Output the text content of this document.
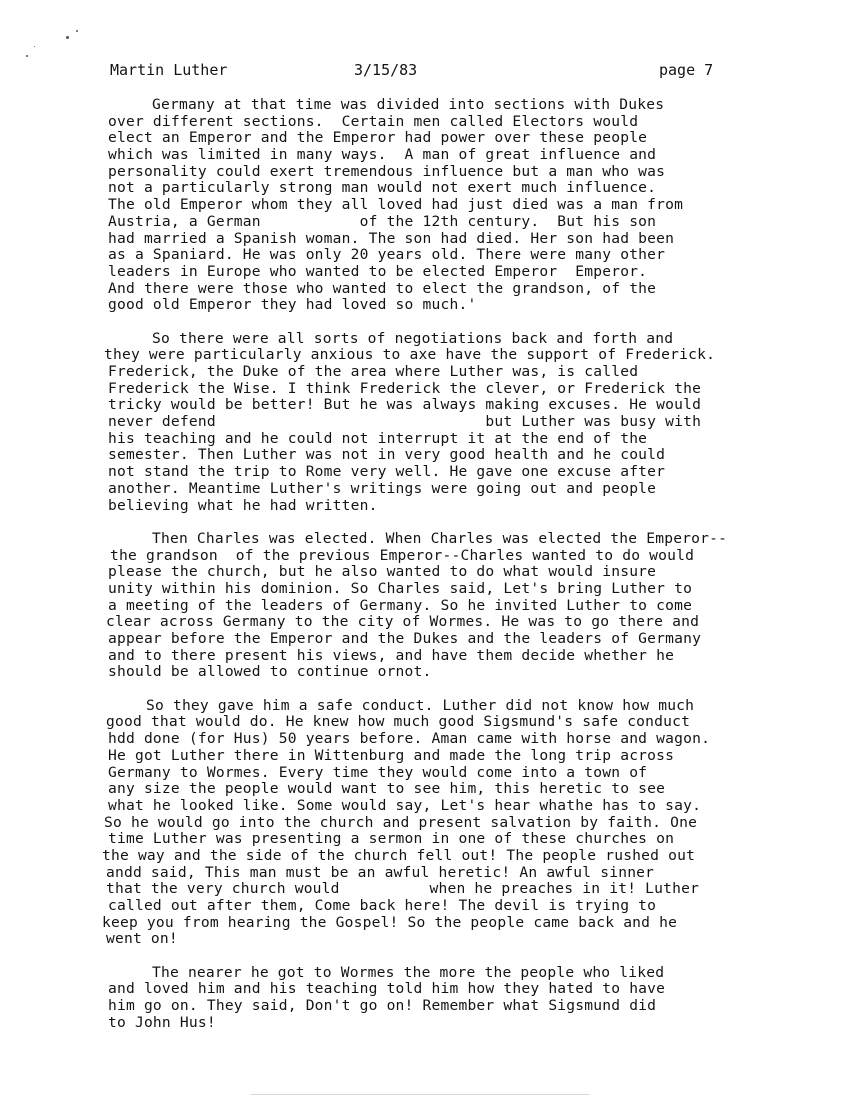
Martin Luther	3/15/83	page 7
Germany at that time was divided into sections with Dukes
over different sections.  Certain men called Electors would
elect an Emperor and the Emperor had power over these people
which was limited in many ways.  A man of great influence and
personality could exert tremendous influence but a man who was
not a particularly strong man would not exert much influence.
The old Emperor whom they all loved had just died was a man from
Austria, a German           of the 12th century.  But his son
had married a Spanish woman. The son had died. Her son had been
as a Spaniard. He was only 20 years old. There were many other
leaders in Europe who wanted to be elected Emperor  Emperor.
And there were those who wanted to elect the grandson, of the
good old Emperor they had loved so much.'
So there were all sorts of negotiations back and forth and
they were particularly anxious to axe have the support of Frederick.
Frederick, the Duke of the area where Luther was, is called
Frederick the Wise. I think Frederick the clever, or Frederick the
tricky would be better! But he was always making excuses. He would
never defend                              but Luther was busy with
his teaching and he could not interrupt it at the end of the
semester. Then Luther was not in very good health and he could
not stand the trip to Rome very well. He gave one excuse after
another. Meantime Luther's writings were going out and people
believing what he had written.
Then Charles was elected. When Charles was elected the Emperor--
the grandson  of the previous Emperor--Charles wanted to do would
please the church, but he also wanted to do what would insure
unity within his dominion. So Charles said, Let's bring Luther to
a meeting of the leaders of Germany. So he invited Luther to come
clear across Germany to the city of Wormes. He was to go there and
appear before the Emperor and the Dukes and the leaders of Germany
and to there present his views, and have them decide whether he
should be allowed to continue ornot.
So they gave him a safe conduct. Luther did not know how much
good that would do. He knew how much good Sigsmund's safe conduct
hdd done (for Hus) 50 years before. Aman came with horse and wagon.
He got Luther there in Wittenburg and made the long trip across
Germany to Wormes. Every time they would come into a town of
any size the people would want to see him, this heretic to see
what he looked like. Some would say, Let's hear whathe has to say.
So he would go into the church and present salvation by faith. One
time Luther was presenting a sermon in one of these churches on
the way and the side of the church fell out! The people rushed out
andd said, This man must be an awful heretic! An awful sinner
that the very church would          when he preaches in it! Luther
called out after them, Come back here! The devil is trying to
keep you from hearing the Gospel! So the people came back and he
went on!
The nearer he got to Wormes the more the people who liked
and loved him and his teaching told him how they hated to have
him go on. They said, Don't go on! Remember what Sigsmund did
to John Hus!
